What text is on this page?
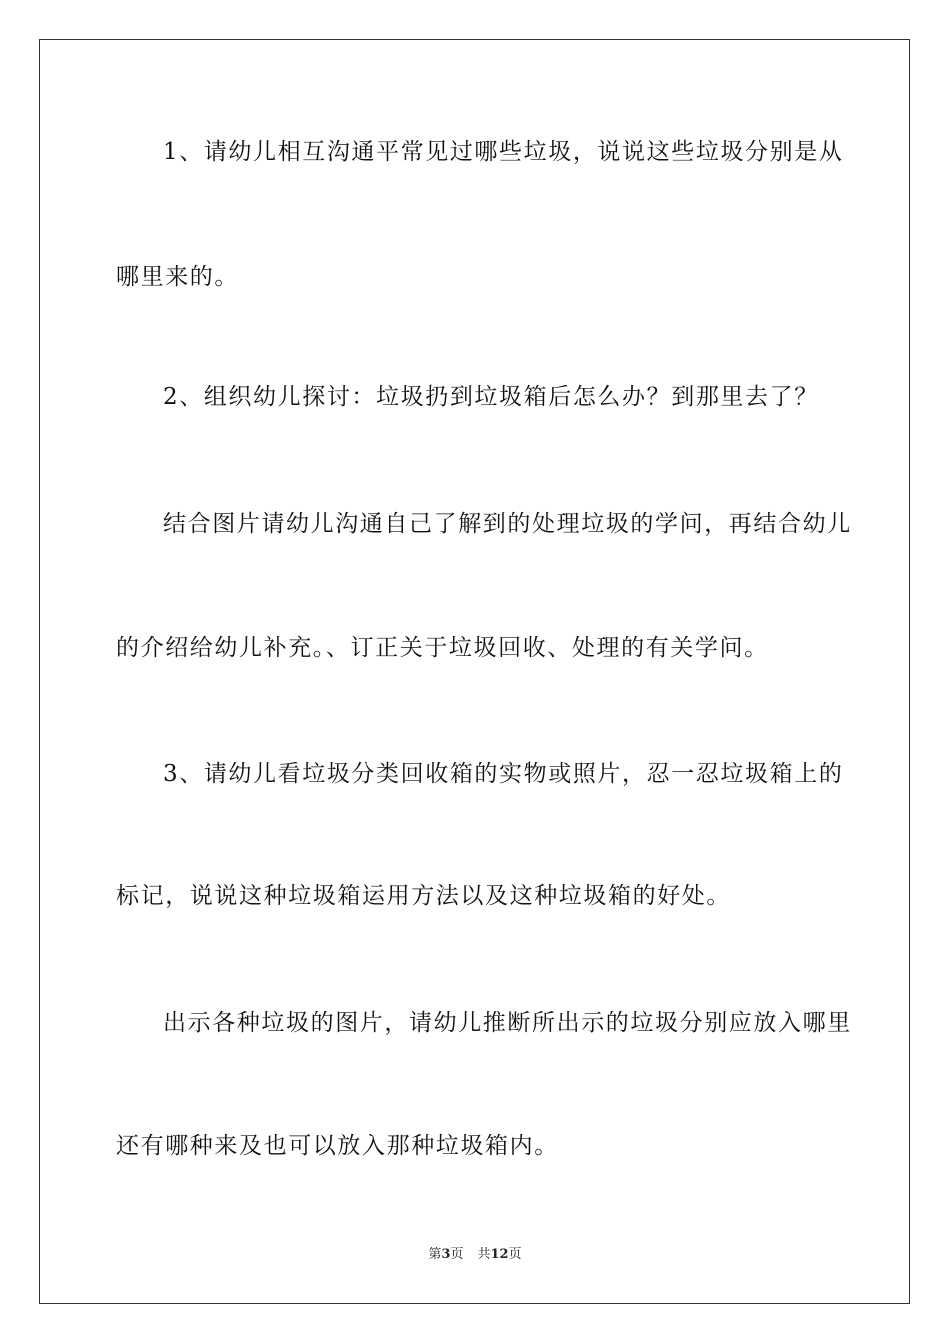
1、请幼儿相互沟通平常见过哪些垃圾，说说这些垃圾分别是从
哪里来的。
2、组织幼儿探讨：垃圾扔到垃圾箱后怎么办？到那里去了？
结合图片请幼儿沟通自己了解到的处理垃圾的学问，再结合幼儿
的介绍给幼儿补充。、订正关于垃圾回收、处理的有关学问。
3、请幼儿看垃圾分类回收箱的实物或照片，忍一忍垃圾箱上的
标记，说说这种垃圾箱运用方法以及这种垃圾箱的好处。
出示各种垃圾的图片，请幼儿推断所出示的垃圾分别应放入哪里
还有哪种来及也可以放入那种垃圾箱内。
第3页 共12页
